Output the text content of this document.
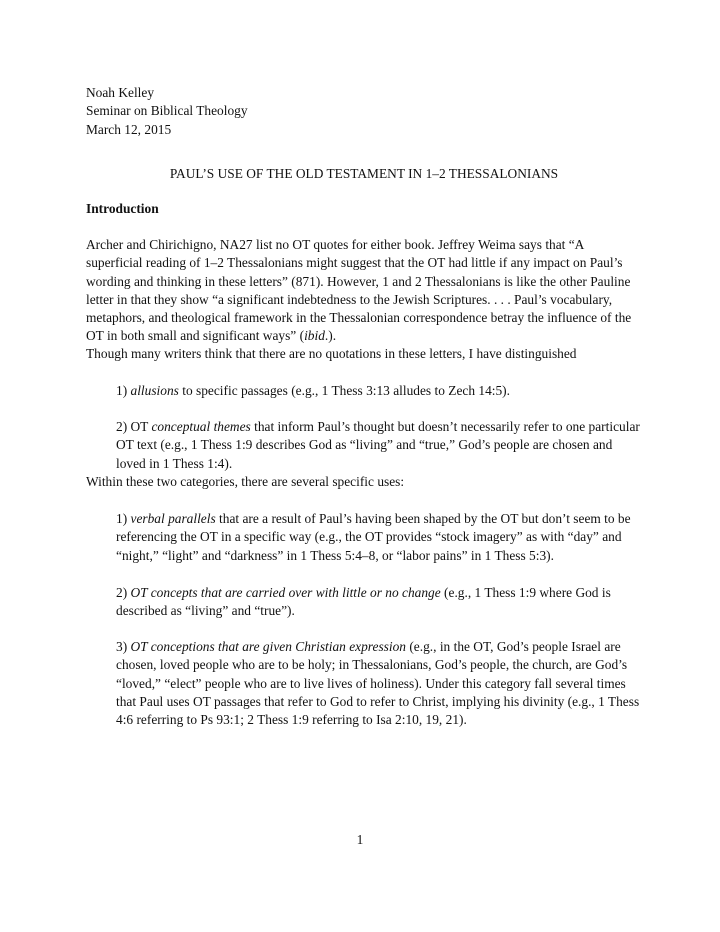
Noah Kelley
Seminar on Biblical Theology
March 12, 2015

PAUL’S USE OF THE OLD TESTAMENT IN 1–2 THESSALONIANS

Introduction

Archer and Chirichigno, NA27 list no OT quotes for either book. Jeffrey Weima says that “A superficial reading of 1–2 Thessalonians might suggest that the OT had little if any impact on Paul’s wording and thinking in these letters” (871). However, 1 and 2 Thessalonians is like the other Pauline letter in that they show “a significant indebtedness to the Jewish Scriptures. . . . Paul’s vocabulary, metaphors, and theological framework in the Thessalonian correspondence betray the influence of the OT in both small and significant ways” (ibid.).

Though many writers think that there are no quotations in these letters, I have distinguished

1) allusions to specific passages (e.g., 1 Thess 3:13 alludes to Zech 14:5).

2) OT conceptual themes that inform Paul’s thought but doesn’t necessarily refer to one particular OT text (e.g., 1 Thess 1:9 describes God as “living” and “true,” God’s people are chosen and loved in 1 Thess 1:4).

Within these two categories, there are several specific uses:

1) verbal parallels that are a result of Paul’s having been shaped by the OT but don’t seem to be referencing the OT in a specific way (e.g., the OT provides “stock imagery” as with “day” and “night,” “light” and “darkness” in 1 Thess 5:4–8, or “labor pains” in 1 Thess 5:3).

2) OT concepts that are carried over with little or no change (e.g., 1 Thess 1:9 where God is described as “living” and “true”).

3) OT conceptions that are given Christian expression (e.g., in the OT, God’s people Israel are chosen, loved people who are to be holy; in Thessalonians, God’s people, the church, are God’s “loved,” “elect” people who are to live lives of holiness). Under this category fall several times that Paul uses OT passages that refer to God to refer to Christ, implying his divinity (e.g., 1 Thess 4:6 referring to Ps 93:1; 2 Thess 1:9 referring to Isa 2:10, 19, 21).

1
